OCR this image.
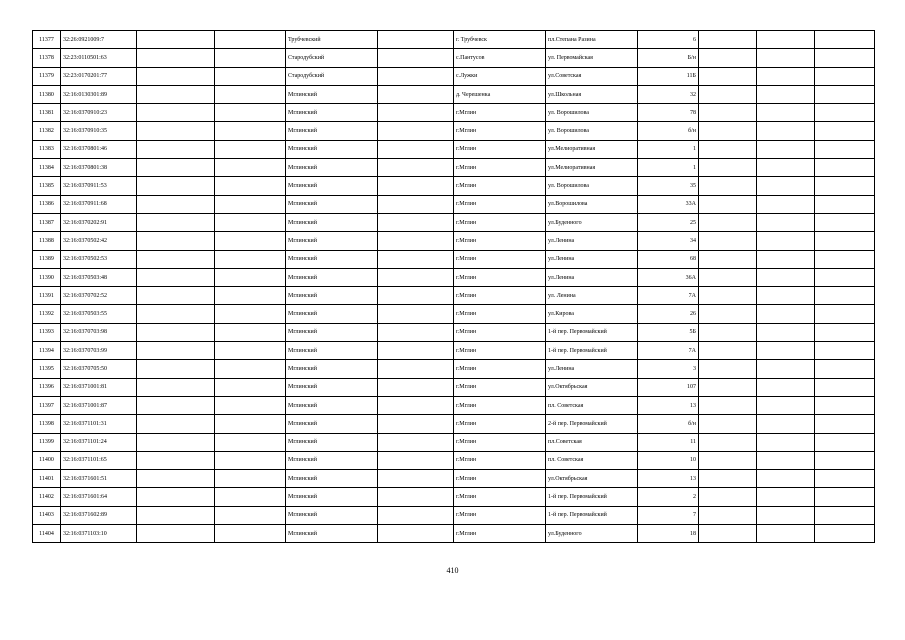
11377	32:26:0921009:7			Трубчевский		г. Трубчевск	пл.Степана Разина	6			
11378	32:23:0110501:63			Стародубский		с.Пантусов	ул. Первомайская	Б/н			
11379	32:23:0170201:77			Стародубский		с.Лужки	ул.Советская	11Б			
11380	32:16:0130301:89			Мглинский		д. Черешенка	ул.Школьная	32			
11381	32:16:0370910:23			Мглинский		г.Мглин	ул. Ворошилова	78			
11382	32:16:0370910:35			Мглинский		г.Мглин	ул. Ворошилова	б/н			
11383	32:16:0370801:46			Мглинский		г.Мглин	ул.Мелиоративная	1			
11384	32:16:0370801:38			Мглинский		г.Мглин	ул.Мелиоративная	1			
11385	32:16:0370911:53			Мглинский		г.Мглин	ул. Ворошилова	35			
11386	32:16:0370911:68			Мглинский		г.Мглин	ул.Ворошилова	33А			
11387	32:16:0370202:91			Мглинский		г.Мглин	ул.Буденного	25			
11388	32:16:0370502:42			Мглинский		г.Мглин	ул.Ленина	34			
11389	32:16:0370502:53			Мглинский		г.Мглин	ул.Ленина	68			
11390	32:16:0370503:48			Мглинский		г.Мглин	ул.Ленина	36А			
11391	32:16:0370702:52			Мглинский		г.Мглин	ул. Ленина	7А			
11392	32:16:0370503:55			Мглинский		г.Мглин	ул.Кирова	26			
11393	32:16:0370703:98			Мглинский		г.Мглин	1-й пер. Первомайский	5Б			
11394	32:16:0370703:99			Мглинский		г.Мглин	1-й пер. Первомайский	7А			
11395	32:16:0370705:50			Мглинский		г.Мглин	ул.Ленина	3			
11396	32:16:0371001:81			Мглинский		г.Мглин	ул.Октябрьская	107			
11397	32:16:0371001:87			Мглинский		г.Мглин	пл. Советская	13			
11398	32:16:0371101:31			Мглинский		г.Мглин	2-й пер. Первомайский	б/н			
11399	32:16:0371101:24			Мглинский		г.Мглин	пл.Советская	11			
11400	32:16:0371101:65			Мглинский		г.Мглин	пл. Советская	10			
11401	32:16:0371601:51			Мглинский		г.Мглин	ул.Октябрьская	13			
11402	32:16:0371601:64			Мглинский		г.Мглин	1-й пер. Первомайский	2			
11403	32:16:0371602:89			Мглинский		г.Мглин	1-й пер. Первомайский	7			
11404	32:16:0371103:10			Мглинский		г.Мглин	ул.Буденного	18			
410
